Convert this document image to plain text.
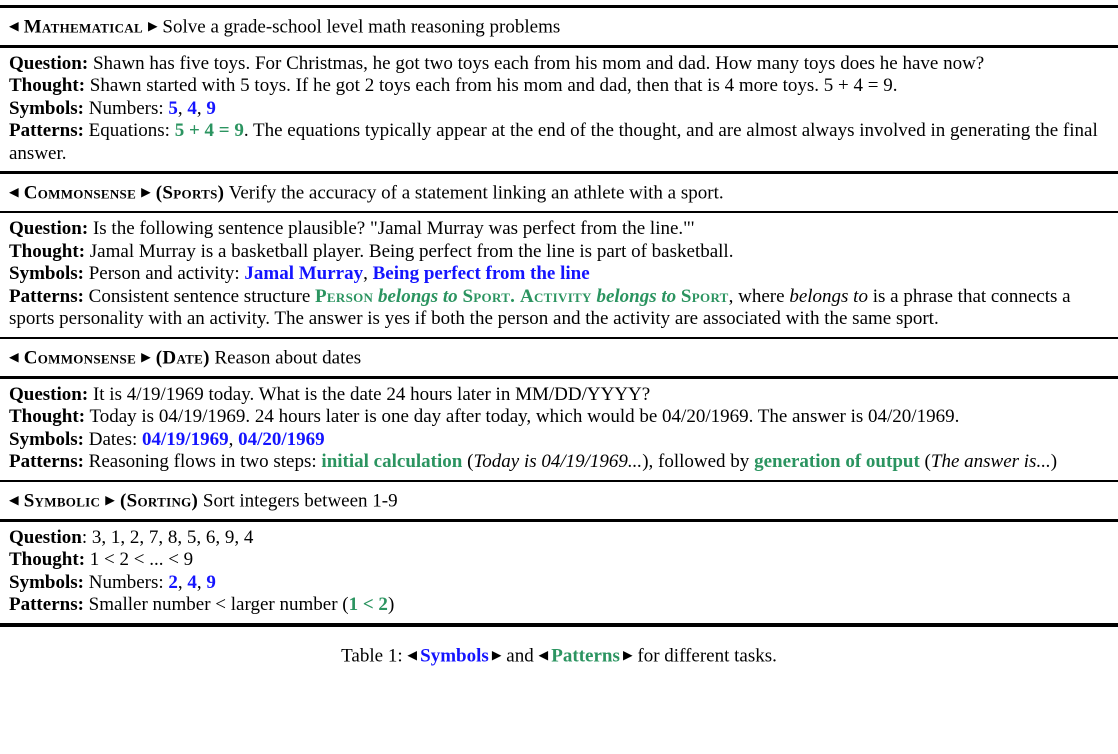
◀ Mathematical ▶ Solve a grade-school level math reasoning problems
Question: Shawn has five toys. For Christmas, he got two toys each from his mom and dad. How many toys does he have now?
Thought: Shawn started with 5 toys. If he got 2 toys each from his mom and dad, then that is 4 more toys. 5 + 4 = 9.
Symbols: Numbers: 5, 4, 9
Patterns: Equations: 5 + 4 = 9. The equations typically appear at the end of the thought, and are almost always involved in generating the final answer.
◀ Commonsense ▶ (Sports) Verify the accuracy of a statement linking an athlete with a sport.
Question: Is the following sentence plausible? "Jamal Murray was perfect from the line."'
Thought: Jamal Murray is a basketball player. Being perfect from the line is part of basketball.
Symbols: Person and activity: Jamal Murray, Being perfect from the line
Patterns: Consistent sentence structure Person belongs to Sport. Activity belongs to Sport, where belongs to is a phrase that connects a sports personality with an activity. The answer is yes if both the person and the activity are associated with the same sport.
◀ Commonsense ▶ (Date) Reason about dates
Question: It is 4/19/1969 today. What is the date 24 hours later in MM/DD/YYYY?
Thought: Today is 04/19/1969. 24 hours later is one day after today, which would be 04/20/1969. The answer is 04/20/1969.
Symbols: Dates: 04/19/1969, 04/20/1969
Patterns: Reasoning flows in two steps: initial calculation (Today is 04/19/1969...), followed by generation of output (The answer is...)
◀ Symbolic ▶ (Sorting) Sort integers between 1-9
Question: 3, 1, 2, 7, 8, 5, 6, 9, 4
Thought: 1 < 2 < ... < 9
Symbols: Numbers: 2, 4, 9
Patterns: Smaller number < larger number (1 < 2)
Table 1: ◀ Symbols ▶ and ◀ Patterns ▶ for different tasks.
